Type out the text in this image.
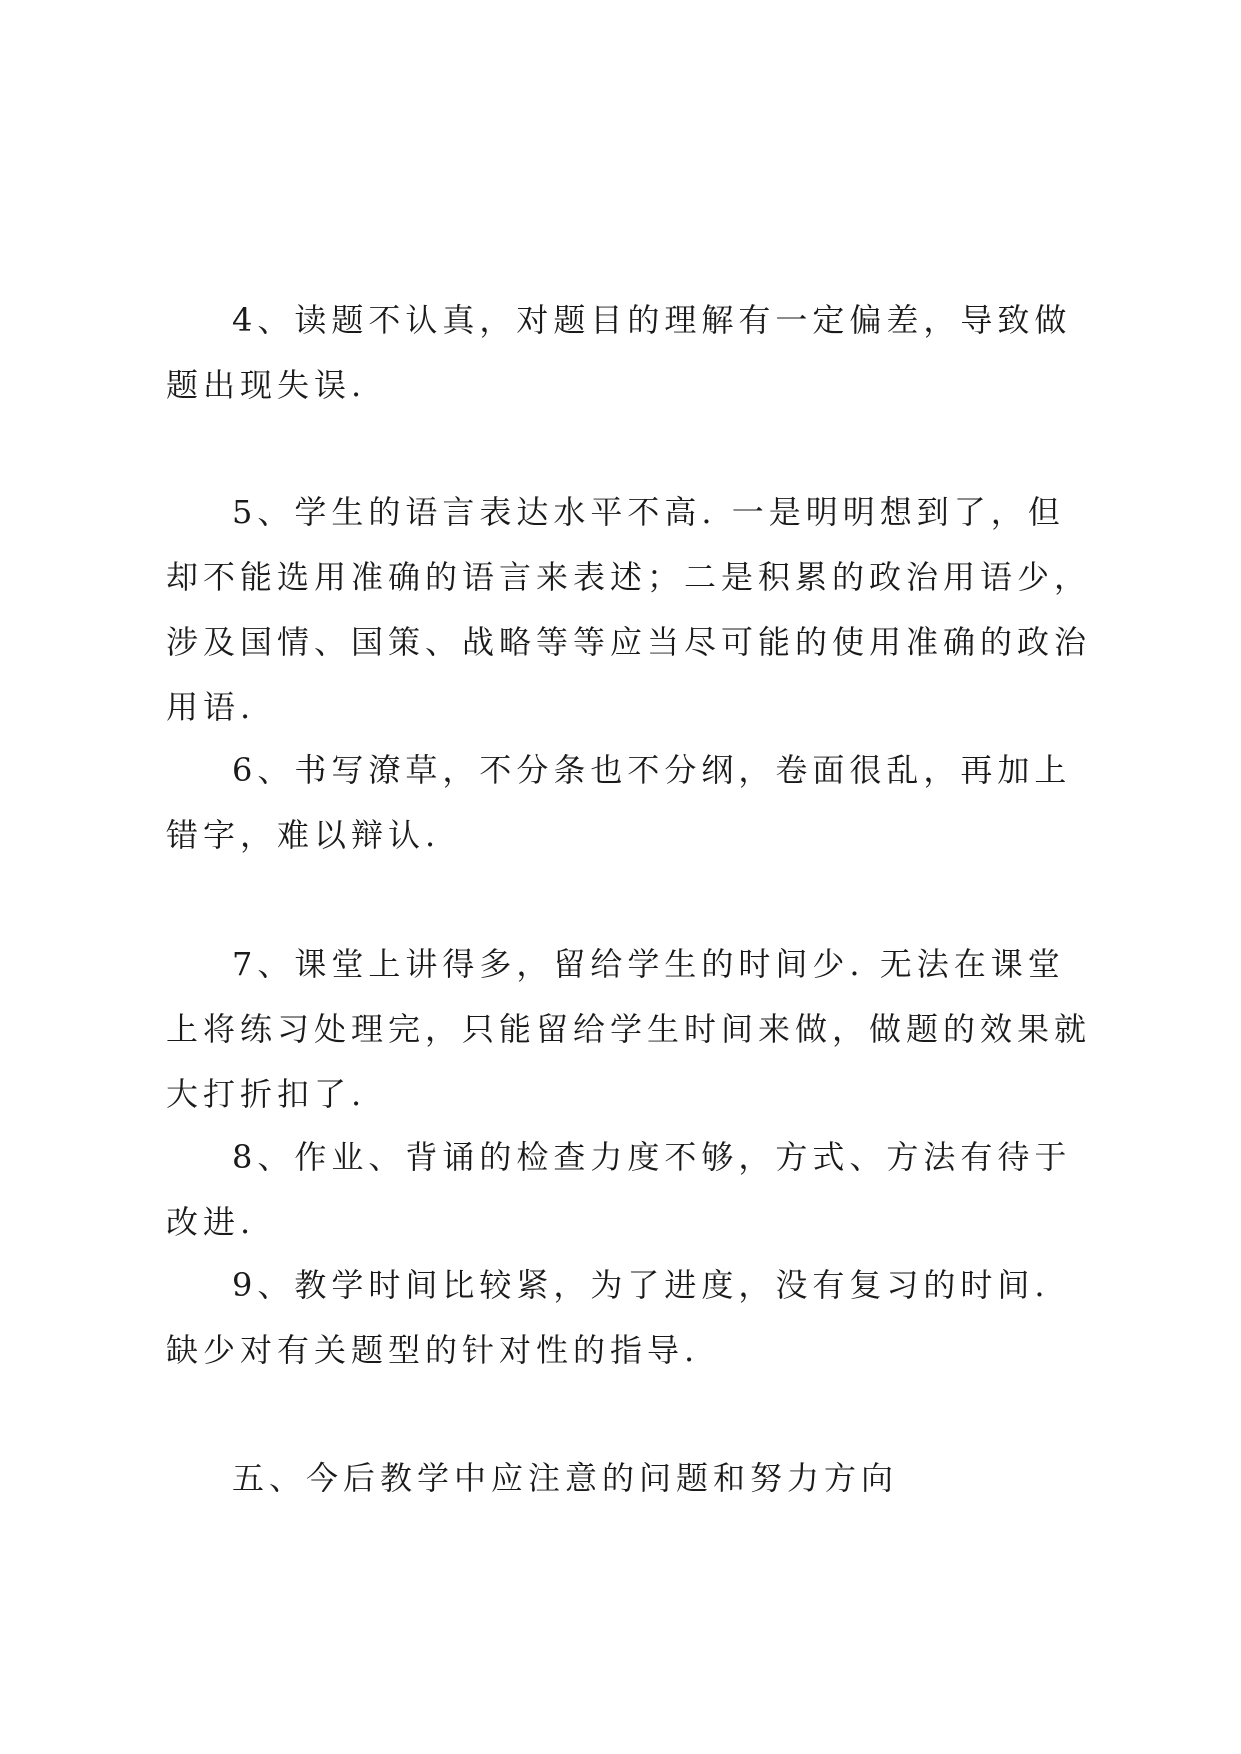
4、读题不认真，对题目的理解有一定偏差，导致做题出现失误.

5、学生的语言表达水平不高. 一是明明想到了，但却不能选用准确的语言来表述；二是积累的政治用语少，涉及国情、国策、战略等等应当尽可能的使用准确的政治用语.

6、书写潦草，不分条也不分纲，卷面很乱，再加上错字，难以辩认.

7、课堂上讲得多，留给学生的时间少. 无法在课堂上将练习处理完，只能留给学生时间来做，做题的效果就大打折扣了.

8、作业、背诵的检查力度不够，方式、方法有待于改进.

9、教学时间比较紧，为了进度，没有复习的时间. 缺少对有关题型的针对性的指导.

五、今后教学中应注意的问题和努力方向
